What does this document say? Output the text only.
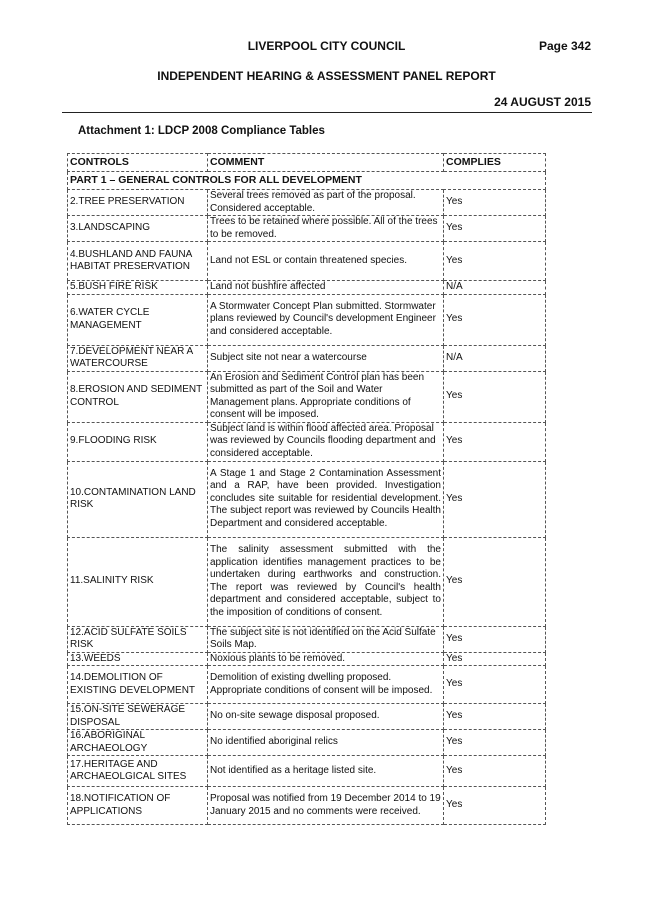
LIVERPOOL CITY COUNCIL	Page 342
INDEPENDENT HEARING & ASSESSMENT PANEL REPORT
24 AUGUST 2015
Attachment 1: LDCP 2008 Compliance Tables
CONTROLS	COMMENT	COMPLIES
PART 1 – GENERAL CONTROLS FOR ALL DEVELOPMENT		
2.TREE PRESERVATION	Several trees removed as part of the proposal. Considered acceptable.	Yes
3.LANDSCAPING	Trees to be retained where possible. All of the trees to be removed.	Yes
4.BUSHLAND AND FAUNA HABITAT PRESERVATION	Land not ESL or contain threatened species.	Yes
5.BUSH FIRE RISK	Land not bushfire affected	N/A
6.WATER CYCLE MANAGEMENT	A Stormwater Concept Plan submitted. Stormwater plans reviewed by Council's development Engineer and considered acceptable.	Yes
7.DEVELOPMENT NEAR A WATERCOURSE	Subject site not near a watercourse	N/A
8.EROSION AND SEDIMENT CONTROL	An Erosion and Sediment Control plan has been submitted as part of the Soil and Water Management plans. Appropriate conditions of consent will be imposed.	Yes
9.FLOODING RISK	Subject land is within flood affected area. Proposal was reviewed by Councils flooding department and considered acceptable.	Yes
10.CONTAMINATION LAND RISK	A Stage 1 and Stage 2 Contamination Assessment and a RAP, have been provided. Investigation concludes site suitable for residential development. The subject report was reviewed by Councils Health Department and considered acceptable.	Yes
11.SALINITY RISK	The salinity assessment submitted with the application identifies management practices to be undertaken during earthworks and construction. The report was reviewed by Council's health department and considered acceptable, subject to the imposition of conditions of consent.	Yes
12.ACID SULFATE SOILS RISK	The subject site is not identified on the Acid Sulfate Soils Map.	Yes
13.WEEDS	Noxious plants to be removed.	Yes
14.DEMOLITION OF EXISTING DEVELOPMENT	Demolition of existing dwelling proposed. Appropriate conditions of consent will be imposed.	Yes
15.ON-SITE SEWERAGE DISPOSAL	No on-site sewage disposal proposed.	Yes
16.ABORIGINAL ARCHAEOLOGY	No identified aboriginal relics	Yes
17.HERITAGE AND ARCHAEOLGICAL SITES	Not identified as a heritage listed site.	Yes
18.NOTIFICATION OF APPLICATIONS	Proposal was notified from 19 December 2014 to 19 January 2015 and no comments were received.	Yes
